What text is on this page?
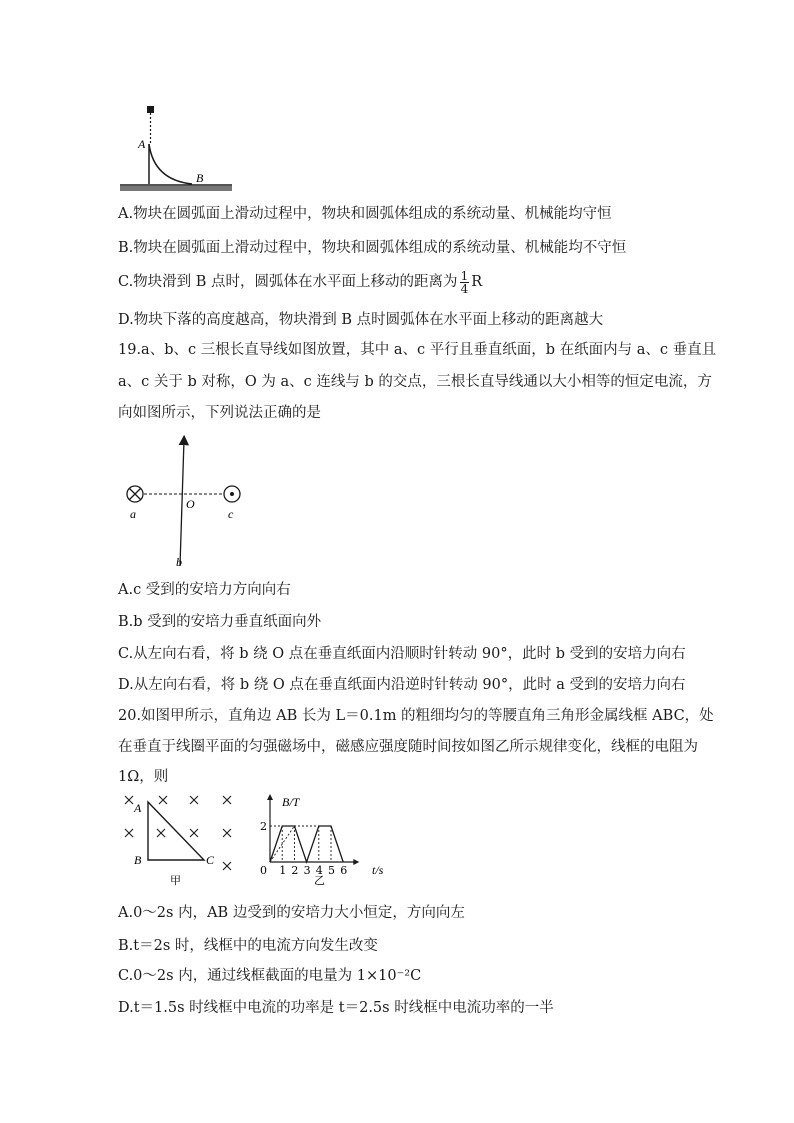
A
B
A.物块在圆弧面上滑动过程中，物块和圆弧体组成的系统动量、机械能均守恒
B.物块在圆弧面上滑动过程中，物块和圆弧体组成的系统动量、机械能均不守恒
C.物块滑到 B 点时，圆弧体在水平面上移动的距离为 $\frac{1}{4}$ R
D.物块下落的高度越高，物块滑到 B 点时圆弧体在水平面上移动的距离越大
19.a、b、c 三根长直导线如图放置，其中 a、c 平行且垂直纸面，b 在纸面内与 a、c 垂直且
a、c 关于 b 对称，O 为 a、c 连线与 b 的交点，三根长直导线通以大小相等的恒定电流，方
向如图所示，下列说法正确的是
a
O
c
b
A.c 受到的安培力方向向右
B.b 受到的安培力垂直纸面向外
C.从左向右看，将 b 绕 O 点在垂直纸面内沿顺时针转动 90°，此时 b 受到的安培力向右
D.从左向右看，将 b 绕 O 点在垂直纸面内沿逆时针转动 90°，此时 a 受到的安培力向右
20.如图甲所示，直角边 AB 长为 L＝0.1m 的粗细均匀的等腰直角三角形金属线框 ABC，处
在垂直于线圈平面的匀强磁场中，磁感应强度随时间按如图乙所示规律变化，线框的电阻为
1Ω，则
A
B	C
甲
2
1 2 3 4 5 6
B/T
t/s
0
乙
A.0～2s 内，AB 边受到的安培力大小恒定，方向向左
B.t＝2s 时，线框中的电流方向发生改变
C.0～2s 内，通过线框截面的电量为 1×10⁻²C
D.t＝1.5s 时线框中电流的功率是 t＝2.5s 时线框中电流功率的一半
